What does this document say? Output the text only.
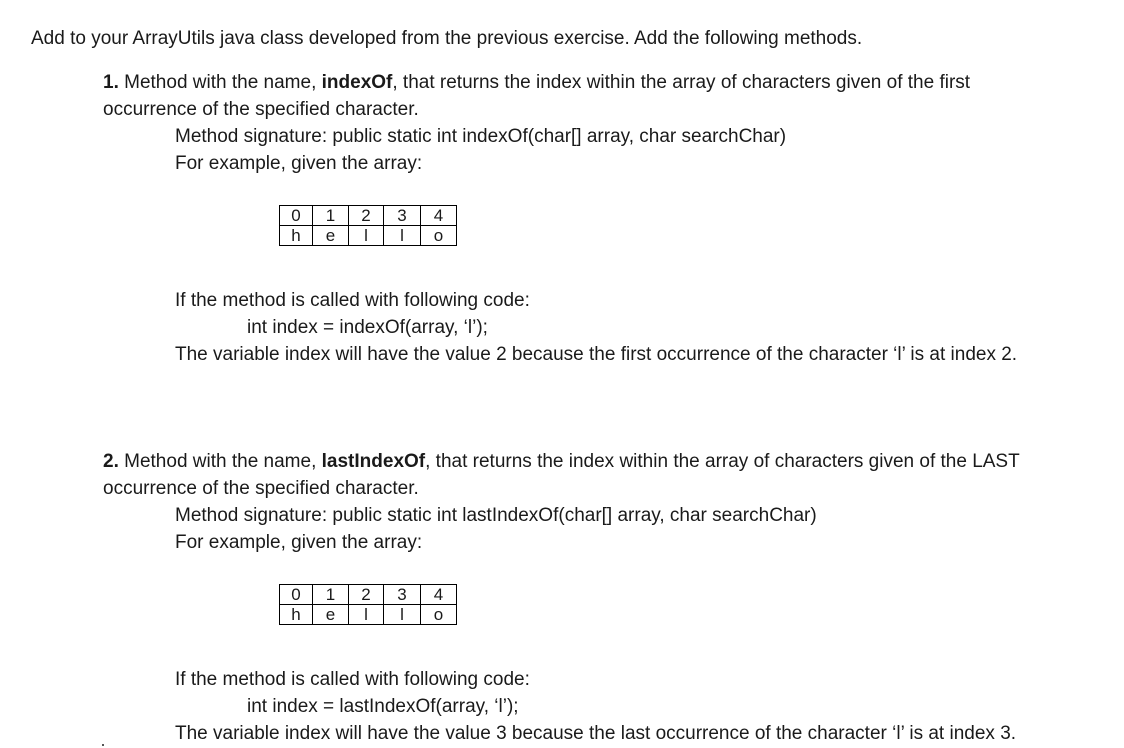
Add to your ArrayUtils java class developed from the previous exercise. Add the following methods.
1. Method with the name, indexOf, that returns the index within the array of characters given of the first
occurrence of the specified character.
Method signature: public static int indexOf(char[] array, char searchChar)
For example, given the array:
0	1	2	3	4
h	e	l	l	o
If the method is called with following code:
int index = indexOf(array, ‘l’);
The variable index will have the value 2 because the first occurrence of the character ‘l’ is at index 2.
2. Method with the name, lastIndexOf, that returns the index within the array of characters given of the LAST
occurrence of the specified character.
Method signature: public static int lastIndexOf(char[] array, char searchChar)
For example, given the array:
0	1	2	3	4
h	e	l	l	o
If the method is called with following code:
int index = lastIndexOf(array, ‘l’);
The variable index will have the value 3 because the last occurrence of the character ‘l’ is at index 3.
